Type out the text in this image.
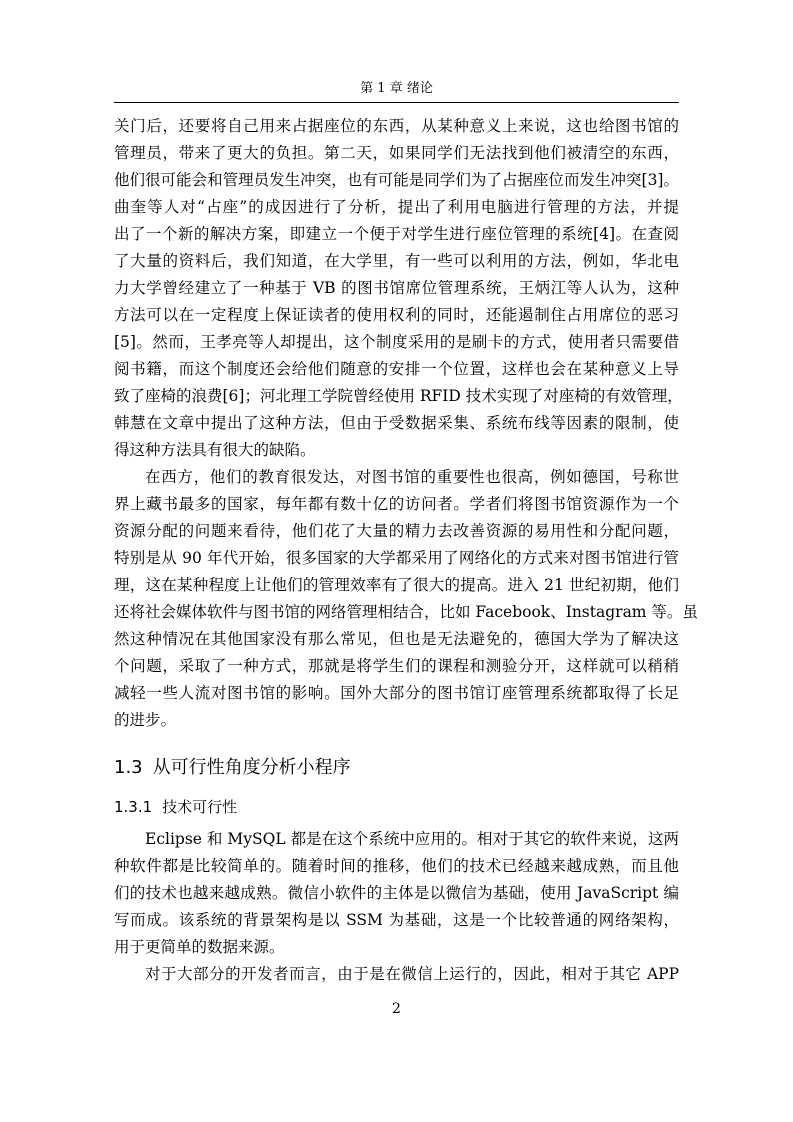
第 1 章 绪论
关门后，还要将自己用来占据座位的东西，从某种意义上来说，这也给图书馆的
管理员，带来了更大的负担。第二天，如果同学们无法找到他们被清空的东西，
他们很可能会和管理员发生冲突，也有可能是同学们为了占据座位而发生冲突[3]。
曲奎等人对“占座”的成因进行了分析，提出了利用电脑进行管理的方法，并提
出了一个新的解决方案，即建立一个便于对学生进行座位管理的系统[4]。在查阅
了大量的资料后，我们知道，在大学里，有一些可以利用的方法，例如，华北电
力大学曾经建立了一种基于 VB 的图书馆席位管理系统，王炳江等人认为，这种
方法可以在一定程度上保证读者的使用权利的同时，还能遏制住占用席位的恶习
[5]。然而，王孝亮等人却提出，这个制度采用的是刷卡的方式，使用者只需要借
阅书籍，而这个制度还会给他们随意的安排一个位置，这样也会在某种意义上导
致了座椅的浪费[6]；河北理工学院曾经使用 RFID 技术实现了对座椅的有效管理，
韩慧在文章中提出了这种方法，但由于受数据采集、系统布线等因素的限制，使
得这种方法具有很大的缺陷。
在西方，他们的教育很发达，对图书馆的重要性也很高，例如德国，号称世
界上藏书最多的国家，每年都有数十亿的访问者。学者们将图书馆资源作为一个
资源分配的问题来看待，他们花了大量的精力去改善资源的易用性和分配问题，
特别是从 90 年代开始，很多国家的大学都采用了网络化的方式来对图书馆进行管
理，这在某种程度上让他们的管理效率有了很大的提高。进入 21 世纪初期，他们
还将社会媒体软件与图书馆的网络管理相结合，比如 Facebook、Instagram 等。虽
然这种情况在其他国家没有那么常见，但也是无法避免的，德国大学为了解决这
个问题，采取了一种方式，那就是将学生们的课程和测验分开，这样就可以稍稍
减轻一些人流对图书馆的影响。国外大部分的图书馆订座管理系统都取得了长足
的进步。
1.3 从可行性角度分析小程序
1.3.1 技术可行性
Eclipse 和 MySQL 都是在这个系统中应用的。相对于其它的软件来说，这两
种软件都是比较简单的。随着时间的推移，他们的技术已经越来越成熟，而且他
们的技术也越来越成熟。微信小软件的主体是以微信为基础，使用 JavaScript 编
写而成。该系统的背景架构是以 SSM 为基础，这是一个比较普通的网络架构，
用于更简单的数据来源。
对于大部分的开发者而言，由于是在微信上运行的，因此，相对于其它 APP
2
